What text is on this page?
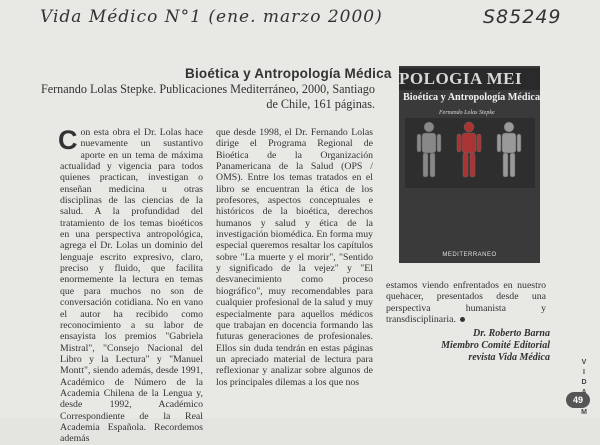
Vida Médico N°1 (ene. marzo 2000)	S85249
Bioética y Antropología Médica
Fernando Lolas Stepke. Publicaciones Mediterráneo, 2000, Santiago de Chile, 161 páginas.
Con esta obra el Dr. Lolas hace nuevamente un sustantivo aporte en un tema de máxima actualidad y vigencia para todos quienes practican, investigan o enseñan medicina u otras disciplinas de las ciencias de la salud. A la profundidad del tratamiento de los temas bioéticos en una perspectiva antropológica, agrega el Dr. Lolas un dominio del lenguaje escrito expresivo, claro, preciso y fluido, que facilita enormemente la lectura en temas que para muchos no son de conversación cotidiana. No en vano el autor ha recibido como reconocimiento a su labor de ensayista los premios "Gabriela Mistral", "Consejo Nacional del Libro y la Lectura" y "Manuel Montt", siendo además, desde 1991, Académico de Número de la Academia Chilena de la Lengua y, desde 1992, Académico Correspondiente de la Real Academia Española. Recordemos además
que desde 1998, el Dr. Fernando Lolas dirige el Programa Regional de Bioética de la Organización Panamericana de la Salud (OPS / OMS). Entre los temas tratados en el libro se encuentran la ética de los profesores, aspectos conceptuales e históricos de la bioética, derechos humanos y salud y ética de la investigación biomédica. En forma muy especial queremos resaltar los capítulos sobre "La muerte y el morir", "Sentido y significado de la vejez" y "El desvanecimiento como proceso biográfico", muy recomendables para cualquier profesional de la salud y muy especialmente para aquellos médicos que trabajan en docencia formando las futuras generaciones de profesionales. Ellos sin duda tendrán en estas páginas un apreciado material de lectura para reflexionar y analizar sobre algunos de los principales dilemas a los que nos
estamos viendo enfrentados en nuestro quehacer, presentados desde una perspectiva humanista y transdisciplinaria.
Dr. Roberto Barna
Miembro Comité Editorial
revista Vida Médica
POLOGIA MEI
Bioética y Antropología Médica
Fernando Lolas Stepke
MEDITERRANEO
V
I
D

M
49
